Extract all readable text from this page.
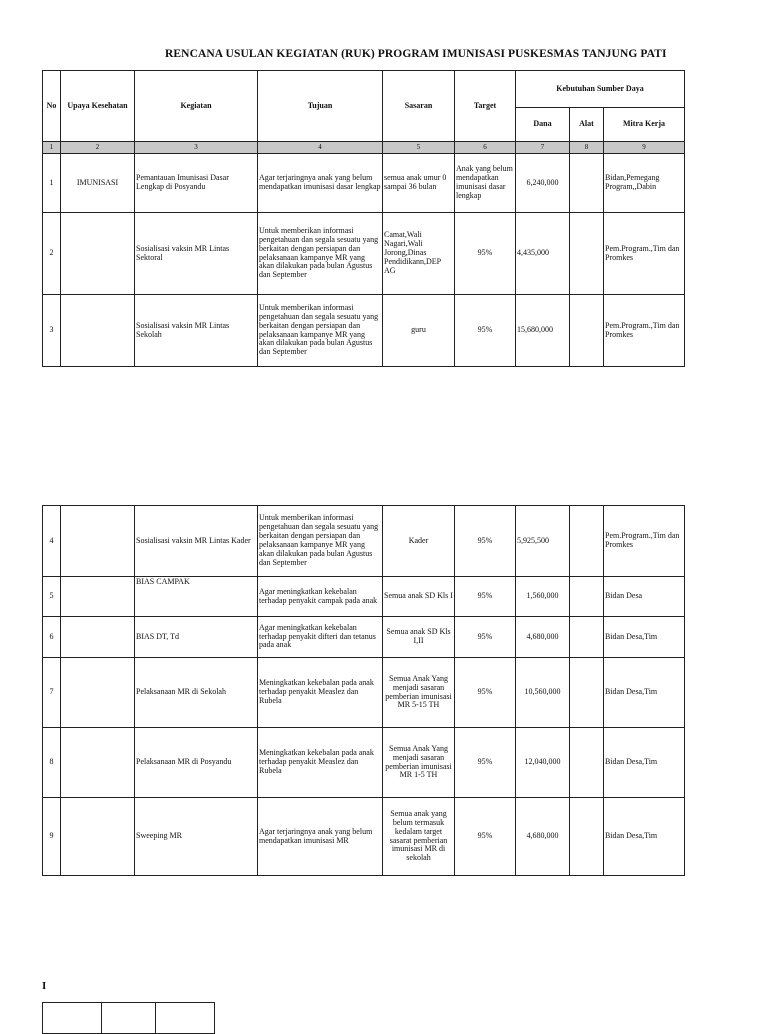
RENCANA USULAN KEGIATAN (RUK) PROGRAM IMUNISASI PUSKESMAS TANJUNG PATI
No	Upaya Kesehatan	Kegiatan	Tujuan	Sasaran	Target	Kebutuhan Sumber Daya		
						Dana	Alat	Mitra Kerja
1	2	3	4	5	6	7	8	9
1	IMUNISASI	Pemantauan Imunisasi Dasar Lengkap di Posyandu	Agar terjaringnya anak yang belum mendapatkan imunisasi dasar lengkap	semua anak umur 0 sampai 36 bulan	Anak yang belum mendapatkan imunisasi dasar lengkap	6,240,000		Bidan,Pemegang Program,,Dabin
2		Sosialisasi vaksin MR Lintas Sektoral	Untuk memberikan informasi pengetahuan dan segala sesuatu yang berkaitan dengan persiapan dan pelaksanaan kampanye MR yang akan dilakukan pada bulan Agustus dan September	Camat,Wali Nagari,Wali Jorong,Dinas Pendidikann,DEP AG	95%	4,435,000		Pem.Program.,Tim dan Promkes
3		Sosialisasi vaksin MR Lintas Sekolah	Untuk memberikan informasi pengetahuan dan segala sesuatu yang berkaitan dengan persiapan dan pelaksanaan kampanye MR yang akan dilakukan pada bulan Agustus dan September	guru	95%	15,680,000		Pem.Program.,Tim dan Promkes
4		Sosialisasi vaksin MR Lintas Kader	Untuk memberikan informasi pengetahuan dan segala sesuatu yang berkaitan dengan persiapan dan pelaksanaan kampanye MR yang akan dilakukan pada bulan Agustus dan September	Kader	95%	5,925,500		Pem.Program.,Tim dan Promkes
5		BIAS CAMPAK	Agar meningkatkan kekebalan terhadap penyakit campak pada anak	Semua anak SD Kls I	95%	1,560,000		Bidan Desa
6		BIAS DT, Td	Agar meningkatkan kekebalan terhadap penyakit difteri dan tetanus pada anak	Semua anak SD Kls I,II	95%	4,680,000		Bidan Desa,Tim
7		Pelaksanaan MR di Sekolah	Meningkatkan kekebalan pada anak terhadap penyakit Measlez dan Rubela	Semua Anak Yang menjadi sasaran pemberian imunisasi MR 5-15 TH	95%	10,560,000		Bidan Desa,Tim
8		Pelaksanaan MR di Posyandu	Meningkatkan kekebalan pada anak terhadap penyakit Measlez dan Rubela	Semua Anak Yang menjadi sasaran pemberian imunisasi MR 1-5 TH	95%	12,040,000		Bidan Desa,Tim
9		Sweeping MR	Agar terjaringnya anak yang belum mendapatkan imunisasi MR	Semua anak yang belum termasuk kedalam target sasarat pemberian imunisasi MR di sekolah	95%	4,680,000		Bidan Desa,Tim
I
